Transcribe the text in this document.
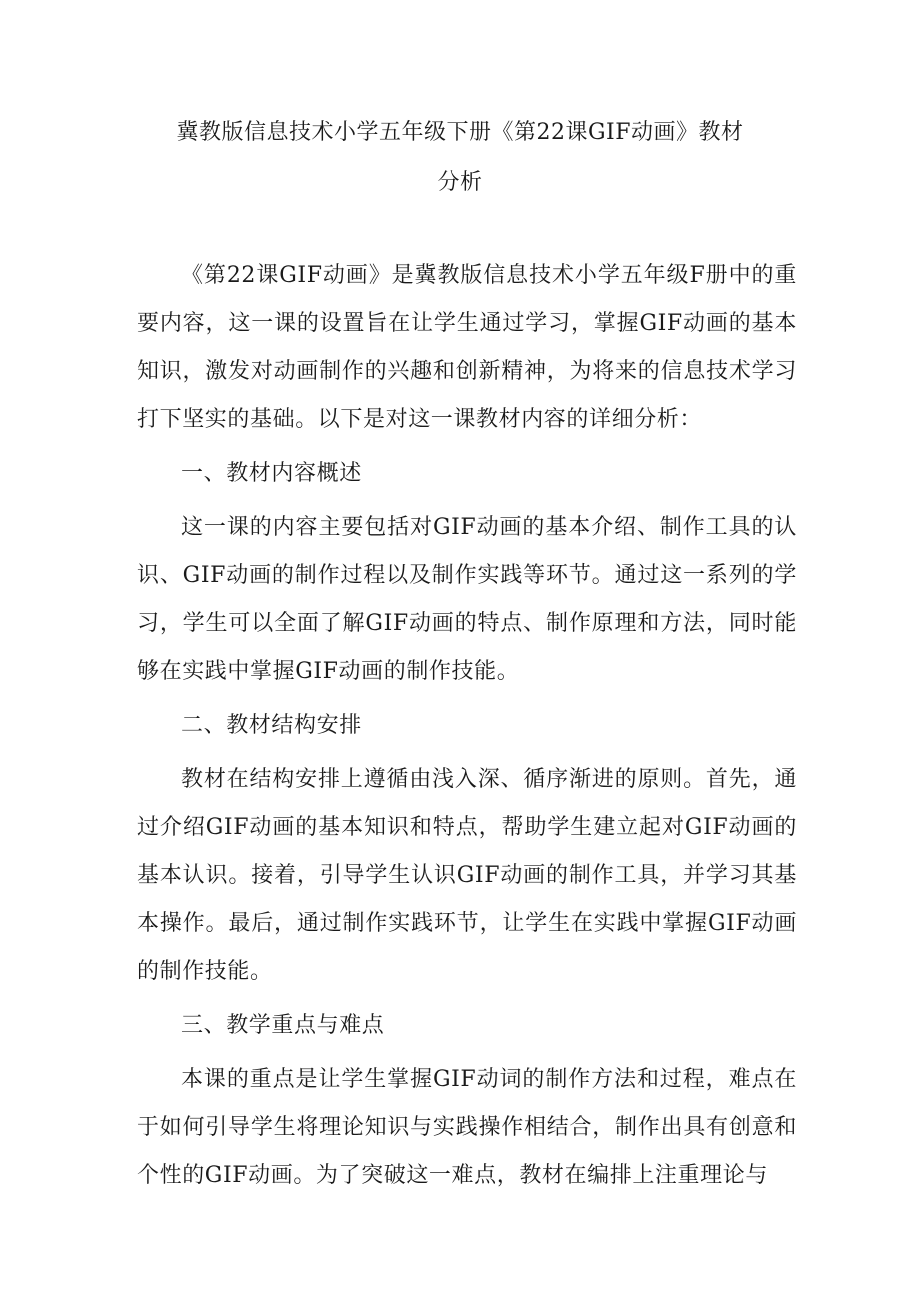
冀教版信息技术小学五年级下册《第22课GIF动画》教材
分析

《第22课GIF动画》是冀教版信息技术小学五年级F册中的重要内容，这一课的设置旨在让学生通过学习，掌握GIF动画的基本知识，激发对动画制作的兴趣和创新精神，为将来的信息技术学习打下坚实的基础。以下是对这一课教材内容的详细分析：

一、教材内容概述

这一课的内容主要包括对GIF动画的基本介绍、制作工具的认识、GIF动画的制作过程以及制作实践等环节。通过这一系列的学习，学生可以全面了解GIF动画的特点、制作原理和方法，同时能够在实践中掌握GIF动画的制作技能。

二、教材结构安排

教材在结构安排上遵循由浅入深、循序渐进的原则。首先，通过介绍GIF动画的基本知识和特点，帮助学生建立起对GIF动画的基本认识。接着，引导学生认识GIF动画的制作工具，并学习其基本操作。最后，通过制作实践环节，让学生在实践中掌握GIF动画的制作技能。

三、教学重点与难点

本课的重点是让学生掌握GIF动词的制作方法和过程，难点在于如何引导学生将理论知识与实践操作相结合，制作出具有创意和个性的GIF动画。为了突破这一难点，教材在编排上注重理论与
